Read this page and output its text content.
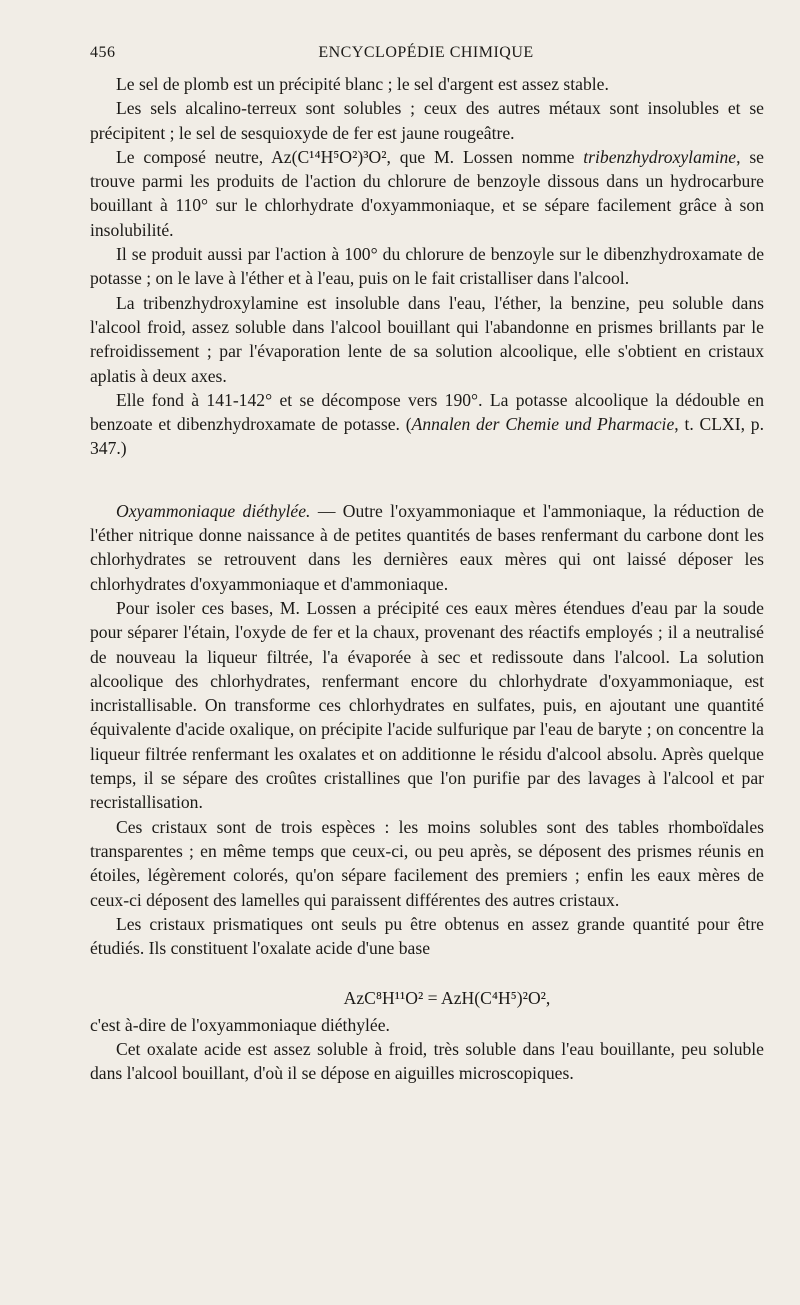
456	ENCYCLOPÉDIE CHIMIQUE

Le sel de plomb est un précipité blanc ; le sel d'argent est assez stable.

Les sels alcalino-terreux sont solubles ; ceux des autres métaux sont insolubles et se précipitent ; le sel de sesquioxyde de fer est jaune rougeâtre.

Le composé neutre, Az(C¹⁴H⁵O²)³O², que M. Lossen nomme tribenzhydroxylamine, se trouve parmi les produits de l'action du chlorure de benzoyle dissous dans un hydrocarbure bouillant à 110° sur le chlorhydrate d'oxyammoniaque, et se sépare facilement grâce à son insolubilité.

Il se produit aussi par l'action à 100° du chlorure de benzoyle sur le dibenzhydroxamate de potasse ; on le lave à l'éther et à l'eau, puis on le fait cristalliser dans l'alcool.

La tribenzhydroxylamine est insoluble dans l'eau, l'éther, la benzine, peu soluble dans l'alcool froid, assez soluble dans l'alcool bouillant qui l'abandonne en prismes brillants par le refroidissement ; par l'évaporation lente de sa solution alcoolique, elle s'obtient en cristaux aplatis à deux axes.

Elle fond à 141-142° et se décompose vers 190°. La potasse alcoolique la dédouble en benzoate et dibenzhydroxamate de potasse. (Annalen der Chemie und Pharmacie, t. CLXI, p. 347.)

Oxyammoniaque diéthylée. — Outre l'oxyammoniaque et l'ammoniaque, la réduction de l'éther nitrique donne naissance à de petites quantités de bases renfermant du carbone dont les chlorhydrates se retrouvent dans les dernières eaux mères qui ont laissé déposer les chlorhydrates d'oxyammoniaque et d'ammoniaque.

Pour isoler ces bases, M. Lossen a précipité ces eaux mères étendues d'eau par la soude pour séparer l'étain, l'oxyde de fer et la chaux, provenant des réactifs employés ; il a neutralisé de nouveau la liqueur filtrée, l'a évaporée à sec et redissoute dans l'alcool. La solution alcoolique des chlorhydrates, renfermant encore du chlorhydrate d'oxyammoniaque, est incristallisable. On transforme ces chlorhydrates en sulfates, puis, en ajoutant une quantité équivalente d'acide oxalique, on précipite l'acide sulfurique par l'eau de baryte ; on concentre la liqueur filtrée renfermant les oxalates et on additionne le résidu d'alcool absolu. Après quelque temps, il se sépare des croûtes cristallines que l'on purifie par des lavages à l'alcool et par recristallisation.

Ces cristaux sont de trois espèces : les moins solubles sont des tables rhomboïdales transparentes ; en même temps que ceux-ci, ou peu après, se déposent des prismes réunis en étoiles, légèrement colorés, qu'on sépare facilement des premiers ; enfin les eaux mères de ceux-ci déposent des lamelles qui paraissent différentes des autres cristaux.

Les cristaux prismatiques ont seuls pu être obtenus en assez grande quantité pour être étudiés. Ils constituent l'oxalate acide d'une base

AzC⁸H¹¹O² = AzH(C⁴H⁵)²O²,

c'est à-dire de l'oxyammoniaque diéthylée.

Cet oxalate acide est assez soluble à froid, très soluble dans l'eau bouillante, peu soluble dans l'alcool bouillant, d'où il se dépose en aiguilles microscopiques.
